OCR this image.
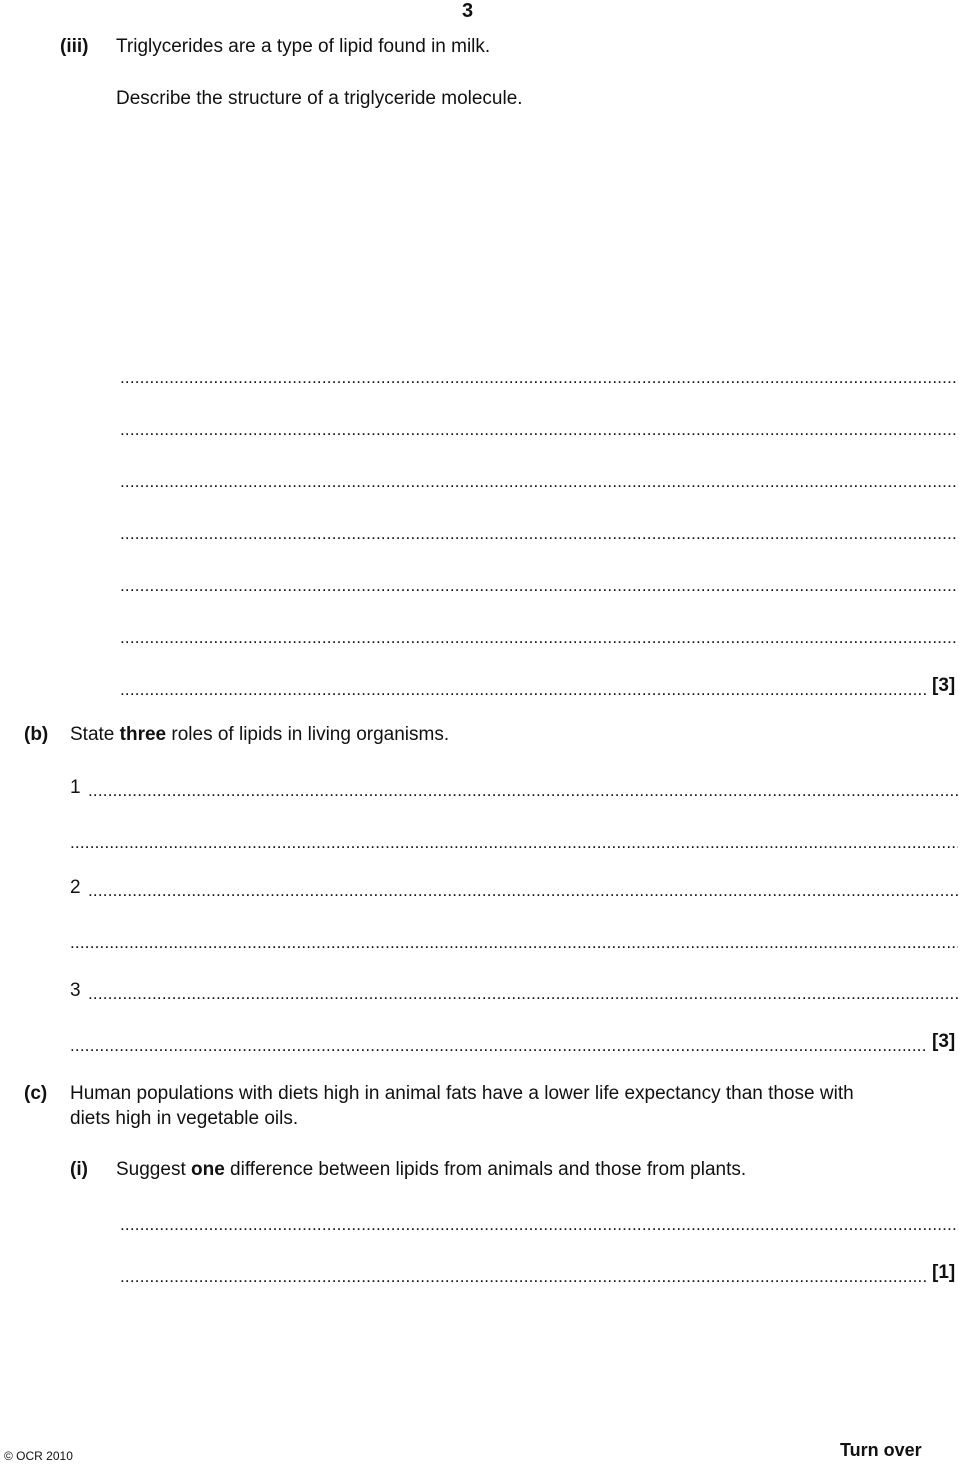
3
(iii) Triglycerides are a type of lipid found in milk.
Describe the structure of a triglyceride molecule.
.....
.....
.....
.....
.....
.....
.....
[3]
(b) State three roles of lipids in living organisms.
1
.....
.....
2
.....
.....
3
.....
.....
[3]
(c) Human populations with diets high in animal fats have a lower life expectancy than those with
diets high in vegetable oils.
(i) Suggest one difference between lipids from animals and those from plants.
.....
.....
[1]
© OCR 2010	Turn over
